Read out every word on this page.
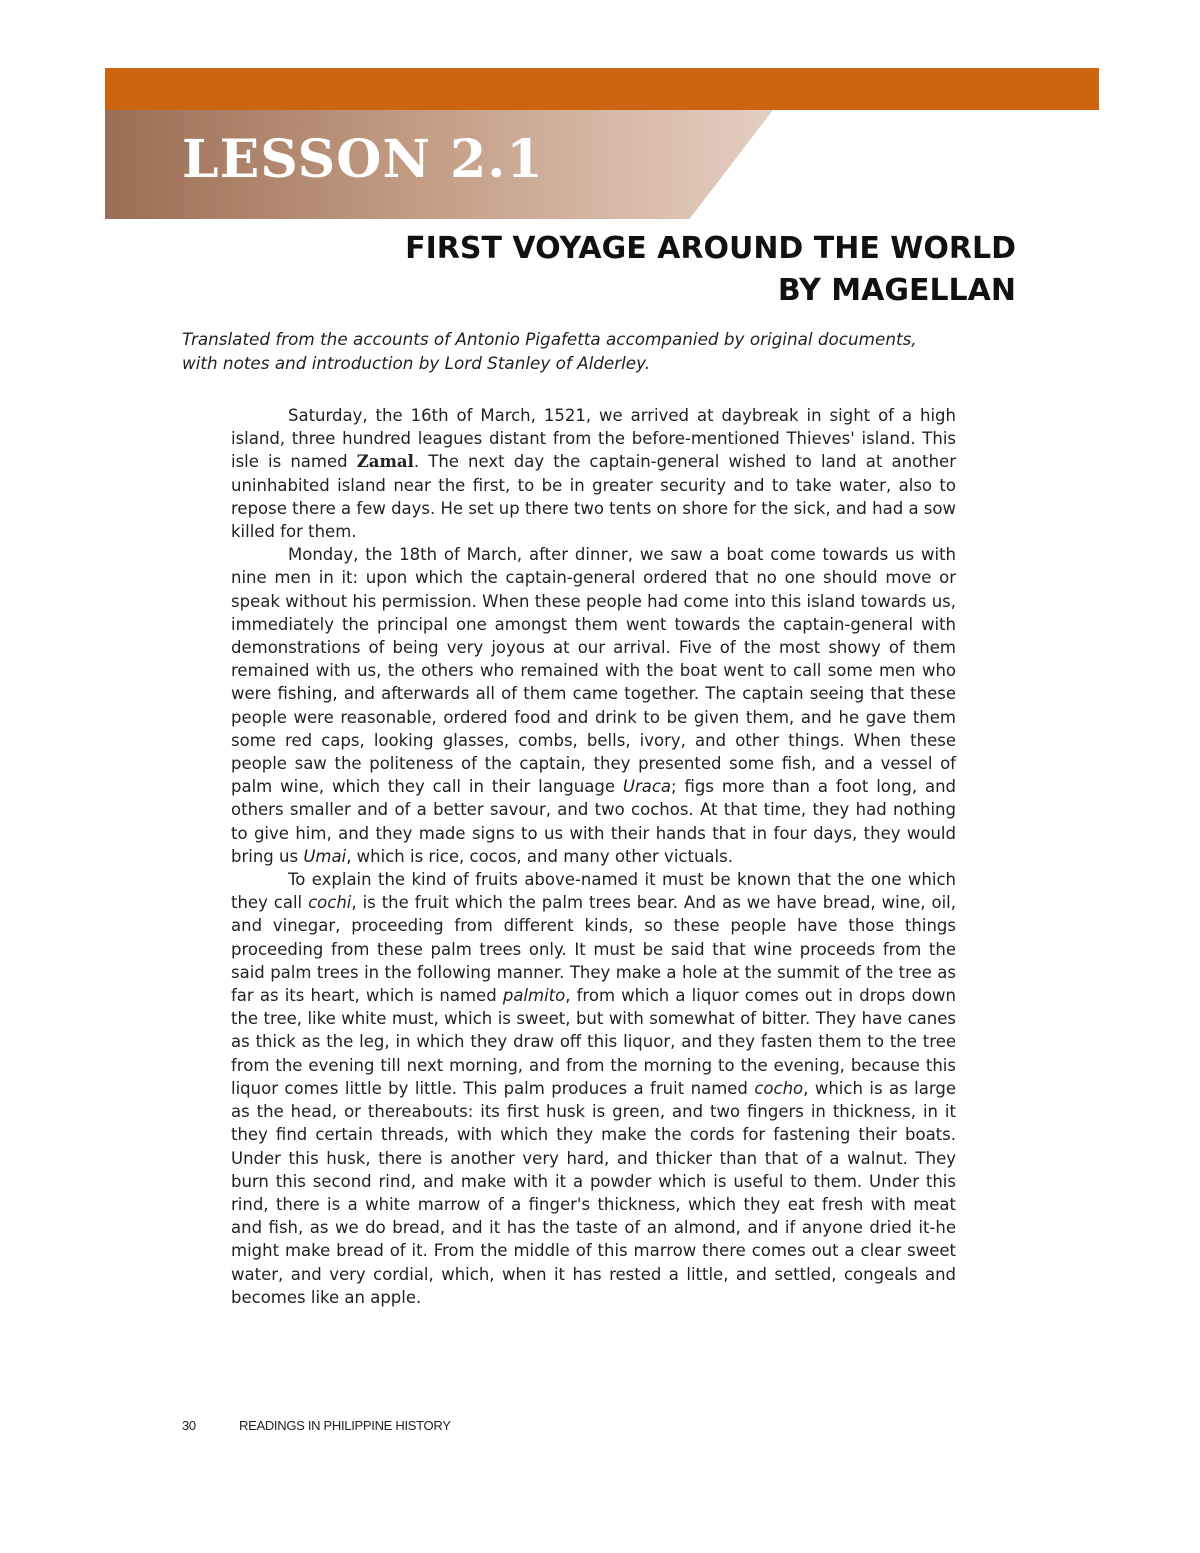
LESSON 2.1
FIRST VOYAGE AROUND THE WORLD
BY MAGELLAN

Translated from the accounts of Antonio Pigafetta accompanied by original documents,
with notes and introduction by Lord Stanley of Alderley.

Saturday, the 16th of March, 1521, we arrived at daybreak in sight of a high island, three hundred leagues distant from the before-mentioned Thieves' island. This isle is named Zamal. The next day the captain-general wished to land at another uninhabited island near the first, to be in greater security and to take water, also to repose there a few days. He set up there two tents on shore for the sick, and had a sow killed for them.

Monday, the 18th of March, after dinner, we saw a boat come towards us with nine men in it: upon which the captain-general ordered that no one should move or speak without his permission. When these people had come into this island towards us, immediately the principal one amongst them went towards the captain-general with demonstrations of being very joyous at our arrival. Five of the most showy of them remained with us, the others who remained with the boat went to call some men who were fishing, and afterwards all of them came together. The captain seeing that these people were reasonable, ordered food and drink to be given them, and he gave them some red caps, looking glasses, combs, bells, ivory, and other things. When these people saw the politeness of the captain, they presented some fish, and a vessel of palm wine, which they call in their language Uraca; figs more than a foot long, and others smaller and of a better savour, and two cochos. At that time, they had nothing to give him, and they made signs to us with their hands that in four days, they would bring us Umai, which is rice, cocos, and many other victuals.

To explain the kind of fruits above-named it must be known that the one which they call cochi, is the fruit which the palm trees bear. And as we have bread, wine, oil, and vinegar, proceeding from different kinds, so these people have those things proceeding from these palm trees only. It must be said that wine proceeds from the said palm trees in the following manner. They make a hole at the summit of the tree as far as its heart, which is named palmito, from which a liquor comes out in drops down the tree, like white must, which is sweet, but with somewhat of bitter. They have canes as thick as the leg, in which they draw off this liquor, and they fasten them to the tree from the evening till next morning, and from the morning to the evening, because this liquor comes little by little. This palm produces a fruit named cocho, which is as large as the head, or thereabouts: its first husk is green, and two fingers in thickness, in it they find certain threads, with which they make the cords for fastening their boats. Under this husk, there is another very hard, and thicker than that of a walnut. They burn this second rind, and make with it a powder which is useful to them. Under this rind, there is a white marrow of a finger's thickness, which they eat fresh with meat and fish, as we do bread, and it has the taste of an almond, and if anyone dried it-he might make bread of it. From the middle of this marrow there comes out a clear sweet water, and very cordial, which, when it has rested a little, and settled, congeals and becomes like an apple.

30	READINGS IN PHILIPPINE HISTORY
